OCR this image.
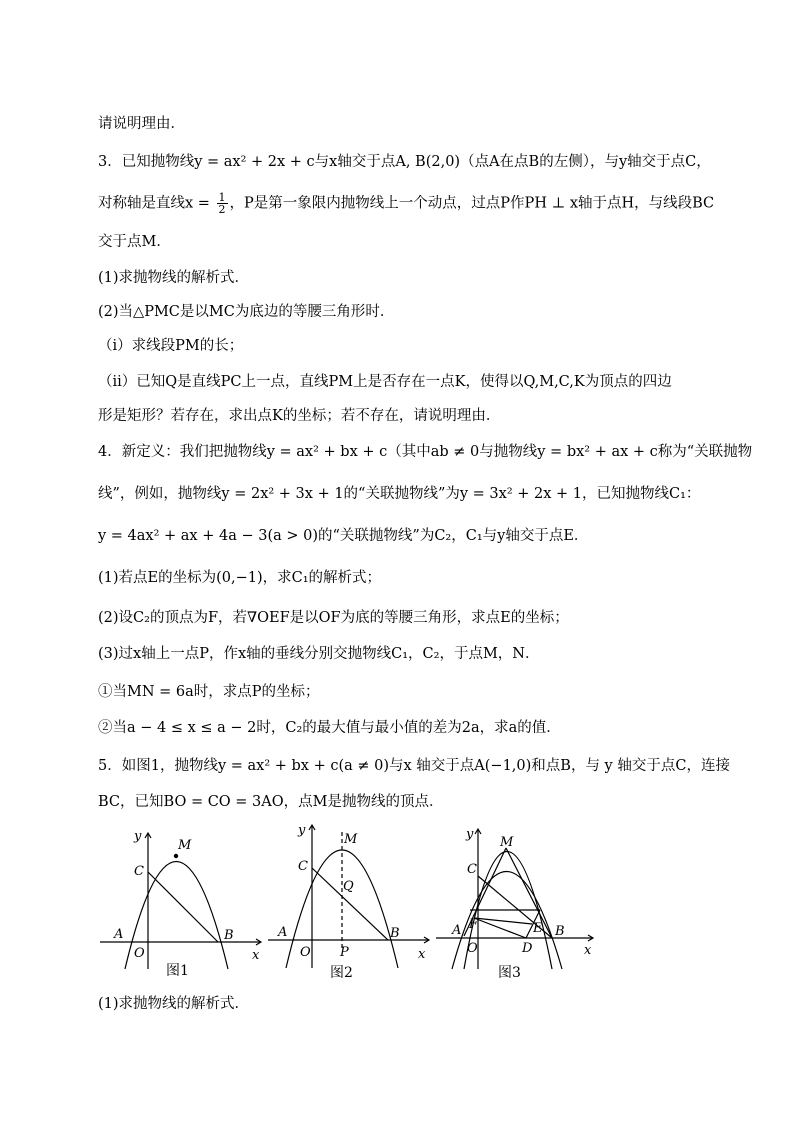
请说明理由．
3．已知抛物线y = ax² + 2x + c与x轴交于点A, B(2,0)（点A在点B的左侧），与y轴交于点C，
对称轴是直线$x = \frac{1}{2}$ ，P是第一象限内抛物线上一个动点，过点P作PH ⊥ x轴于点H，与线段BC
交于点M．
(1)求抛物线的解析式．
(2)当△PMC是以MC为底边的等腰三角形时．
（i）求线段PM的长；
（ii）已知Q是直线PC上一点，直线PM上是否存在一点K，使得以Q,M,C,K为顶点的四边
形是矩形？若存在，求出点K的坐标；若不存在，请说明理由．
4．新定义：我们把抛物线y = ax² + bx + c（其中ab ≠ 0与抛物线y = bx² + ax + c称为“关联抛物
线”，例如，抛物线y = 2x² + 3x + 1的“关联抛物线”为y = 3x² + 2x + 1，已知抛物线C₁：
y = 4ax² + ax + 4a − 3(a > 0)的“关联抛物线”为C₂，C₁与y轴交于点E．
(1)若点E的坐标为(0,−1)，求C₁的解析式；
(2)设C₂的顶点为F，若∇OEF是以OF为底的等腰三角形，求点E的坐标；
(3)过x轴上一点P，作x轴的垂线分别交抛物线C₁，C₂，于点M，N．
①当MN = 6a时，求点P的坐标；
②当a − 4 ≤ x ≤ a − 2时，C₂的最大值与最小值的差为2a，求a的值．
5．如图1，抛物线y = ax² + bx + c(a ≠ 0)与x 轴交于点A(−1,0)和点B，与 y 轴交于点C，连接
BC，已知BO = CO = 3AO，点M是抛物线的顶点．
y
x
M
C
A
O
B
图1
y
x
M
C
Q
A
O P
B
图2
y
x
M
C
F
A
O	D
E B
图3
(1)求抛物线的解析式．
